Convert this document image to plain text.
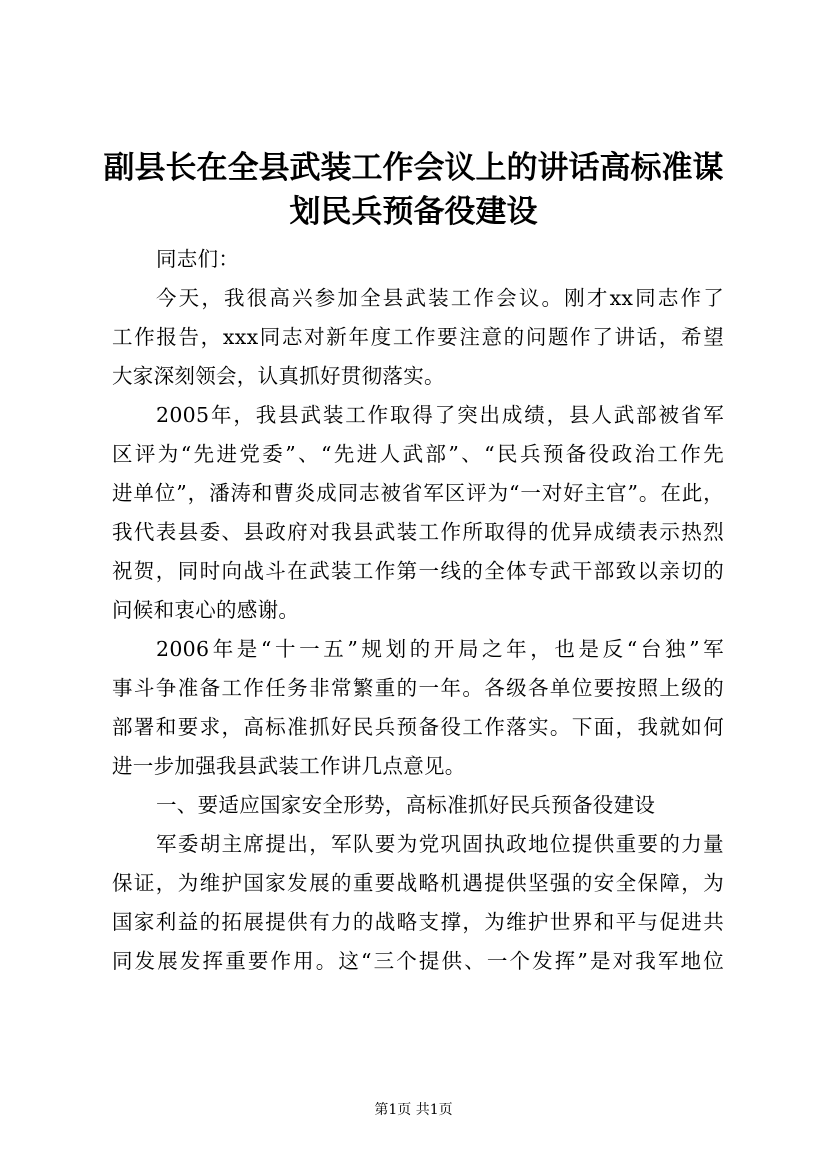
副县长在全县武装工作会议上的讲话高标准谋
划民兵预备役建设

同志们：

今天，我很高兴参加全县武装工作会议。刚才xx同志作了
工作报告，xxx同志对新年度工作要注意的问题作了讲话，希望
大家深刻领会，认真抓好贯彻落实。

2005年，我县武装工作取得了突出成绩，县人武部被省军
区评为“先进党委”、“先进人武部”、“民兵预备役政治工作先
进单位”，潘涛和曹炎成同志被省军区评为“一对好主官”。在此，
我代表县委、县政府对我县武装工作所取得的优异成绩表示热烈
祝贺，同时向战斗在武装工作第一线的全体专武干部致以亲切的
问候和衷心的感谢。

2006年是“十一五”规划的开局之年，也是反“台独”军
事斗争准备工作任务非常繁重的一年。各级各单位要按照上级的
部署和要求，高标准抓好民兵预备役工作落实。下面，我就如何
进一步加强我县武装工作讲几点意见。

一、要适应国家安全形势，高标准抓好民兵预备役建设

军委胡主席提出，军队要为党巩固执政地位提供重要的力量
保证，为维护国家发展的重要战略机遇提供坚强的安全保障，为
国家利益的拓展提供有力的战略支撑，为维护世界和平与促进共
同发展发挥重要作用。这“三个提供、一个发挥”是对我军地位

第1页 共1页
